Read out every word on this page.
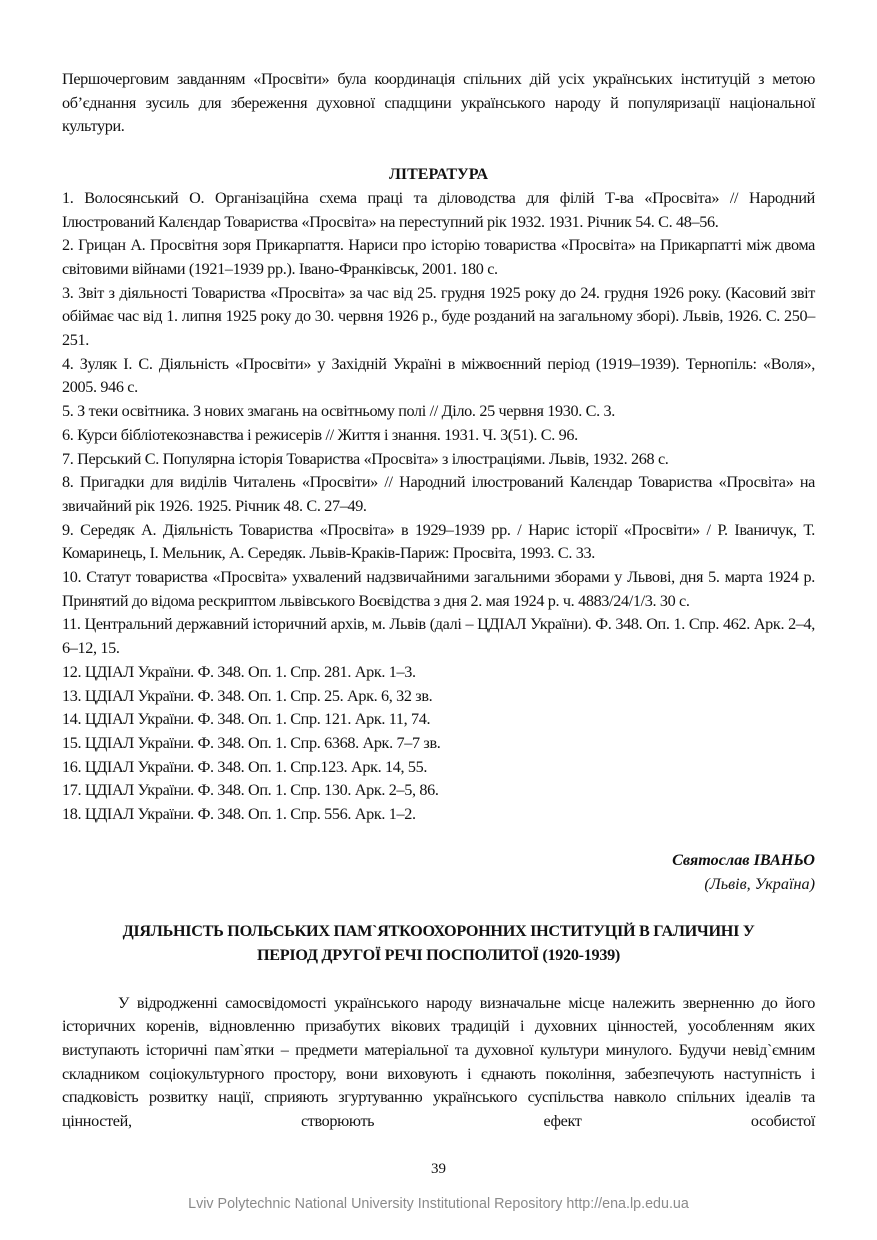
Першочерговим завданням «Просвіти» була координація спільних дій усіх українських інституцій з метою об’єднання зусиль для збереження духовної спадщини українського народу й популяризації національної культури.

ЛІТЕРАТУРА
1. Волосянський О. Організаційна схема праці та діловодства для філій Т-ва «Просвіта» // Народний Ілюстрований Калєндар Товариства «Просвіта» на переступний рік 1932. 1931. Річник 54. С. 48–56.
2. Грицан А. Просвітня зоря Прикарпаття. Нариси про історію товариства «Просвіта» на Прикарпатті між двома світовими війнами (1921–1939 рр.). Івано-Франківськ, 2001. 180 с.
3. Звіт з діяльності Товариства «Просвіта» за час від 25. грудня 1925 року до 24. грудня 1926 року. (Касовий звіт обіймає час від 1. липня 1925 року до 30. червня 1926 р., буде розданий на загальному зборі). Львів, 1926. С. 250–251.
4. Зуляк І. С. Діяльність «Просвіти» у Західній Україні в міжвоєнний період (1919–1939). Тернопіль: «Воля», 2005. 946 с.
5. З теки освітника. З нових змагань на освітньому полі // Діло. 25 червня 1930. С. 3.
6. Курси бібліотекознавства і режисерів // Життя і знання. 1931. Ч. 3(51). С. 96.
7. Перський С. Популярна історія Товариства «Просвіта» з ілюстраціями. Львів, 1932. 268 с.
8. Пригадки для виділів Читалень «Просвіти» // Народний ілюстрований Калєндар Товариства «Просвіта» на звичайний рік 1926. 1925. Річник 48. С. 27–49.
9. Середяк А. Діяльність Товариства «Просвіта» в 1929–1939 рр. / Нарис історії «Просвіти» / Р. Іваничук, Т. Комаринець, І. Мельник, А. Середяк. Львів-Краків-Париж: Просвіта, 1993. С. 33.
10. Статут товариства «Просвіта» ухвалений надзвичайними загальними зборами у Львові, дня 5. марта 1924 р. Принятий до відома рескриптом львівського Воєвідства з дня 2. мая 1924 р. ч. 4883/24/1/3. 30 с.
11. Центральний державний історичний архів, м. Львів (далі – ЦДІАЛ України). Ф. 348. Оп. 1. Спр. 462. Арк. 2–4, 6–12, 15.
12. ЦДІАЛ України. Ф. 348. Оп. 1. Спр. 281. Арк. 1–3.
13. ЦДІАЛ України. Ф. 348. Оп. 1. Спр. 25. Арк. 6, 32 зв.
14. ЦДІАЛ України. Ф. 348. Оп. 1. Спр. 121. Арк. 11, 74.
15. ЦДІАЛ України. Ф. 348. Оп. 1. Спр. 6368. Арк. 7–7 зв.
16. ЦДІАЛ України. Ф. 348. Оп. 1. Спр.123. Арк. 14, 55.
17. ЦДІАЛ України. Ф. 348. Оп. 1. Спр. 130. Арк. 2–5, 86.
18. ЦДІАЛ України. Ф. 348. Оп. 1. Спр. 556. Арк. 1–2.
Святослав ІВАНЬО
(Львів, Україна)
ДІЯЛЬНІСТЬ ПОЛЬСЬКИХ ПАМ`ЯТКООХОРОННИХ ІНСТИТУЦІЙ В ГАЛИЧИНІ У
ПЕРІОД ДРУГОЇ РЕЧІ ПОСПОЛИТОЇ (1920-1939)

У відродженні самосвідомості українського народу визначальне місце належить зверненню до його історичних коренів, відновленню призабутих вікових традицій і духовних цінностей, уособленням яких виступають історичні пам`ятки – предмети матеріальної та духовної культури минулого. Будучи невід`ємним складником соціокультурного простору, вони виховують і єднають покоління, забезпечують наступність і спадковість розвитку нації, сприяють згуртуванню українського суспільства навколо спільних ідеалів та цінностей, створюють ефект особистої

39
Lviv Polytechnic National University Institutional Repository http://ena.lp.edu.ua
